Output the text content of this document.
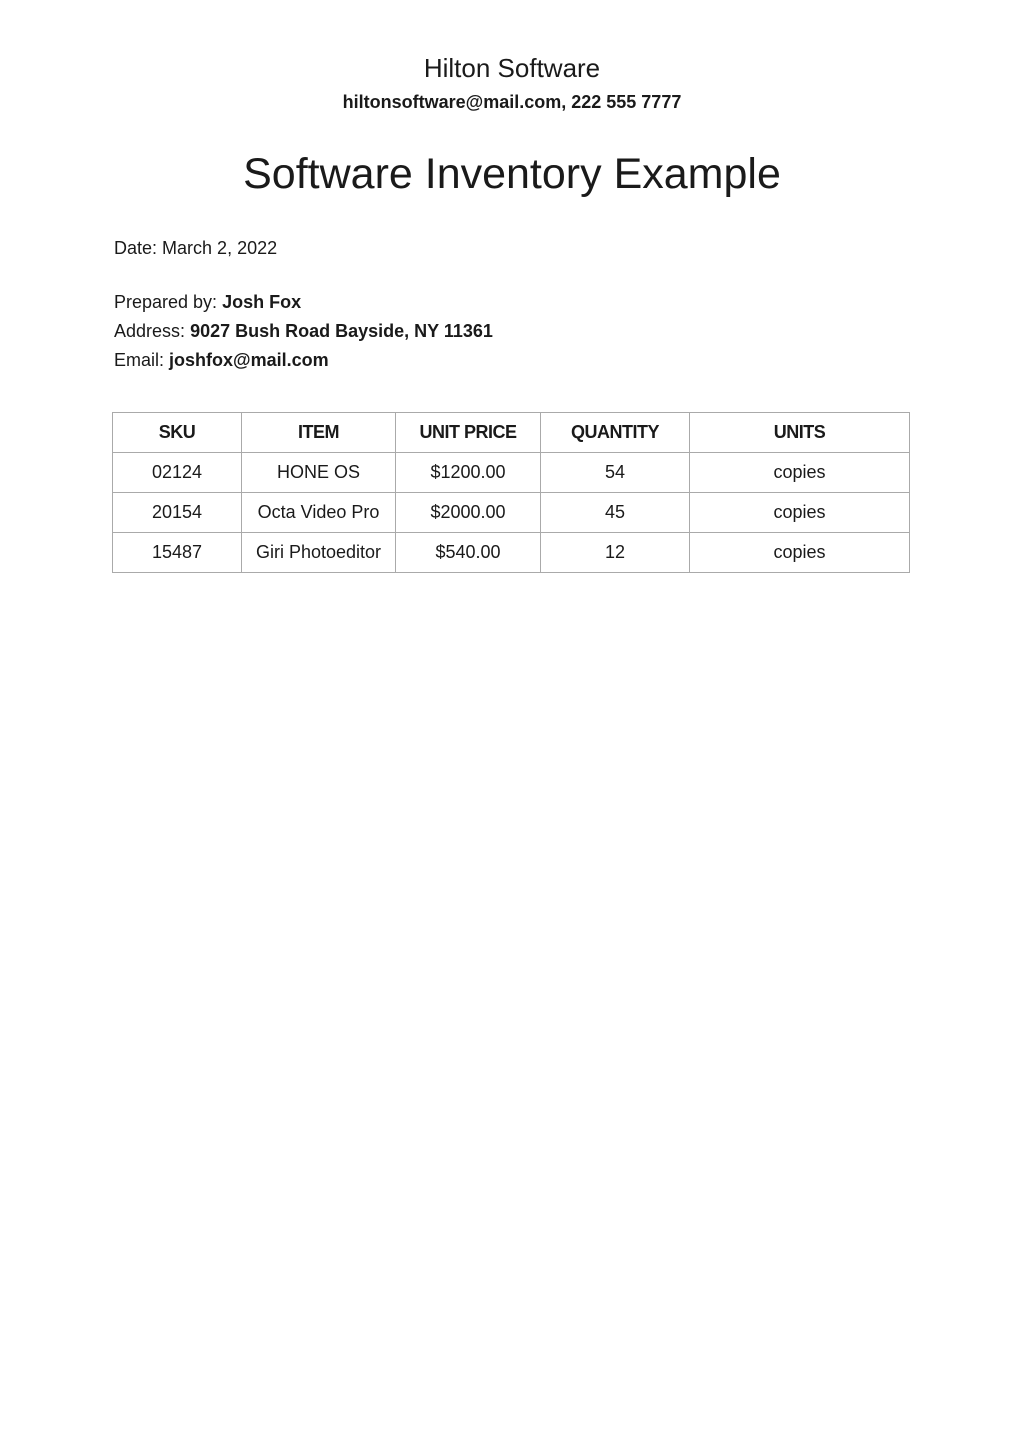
Hilton Software
hiltonsoftware@mail.com, 222 555 7777
Software Inventory Example
Date: March 2, 2022
Prepared by: Josh Fox
Address: 9027 Bush Road Bayside, NY 11361
Email: joshfox@mail.com
SKU	ITEM	UNIT PRICE	QUANTITY	UNITS
02124	HONE OS	$1200.00	54	copies
20154	Octa Video Pro	$2000.00	45	copies
15487	Giri Photoeditor	$540.00	12	copies
